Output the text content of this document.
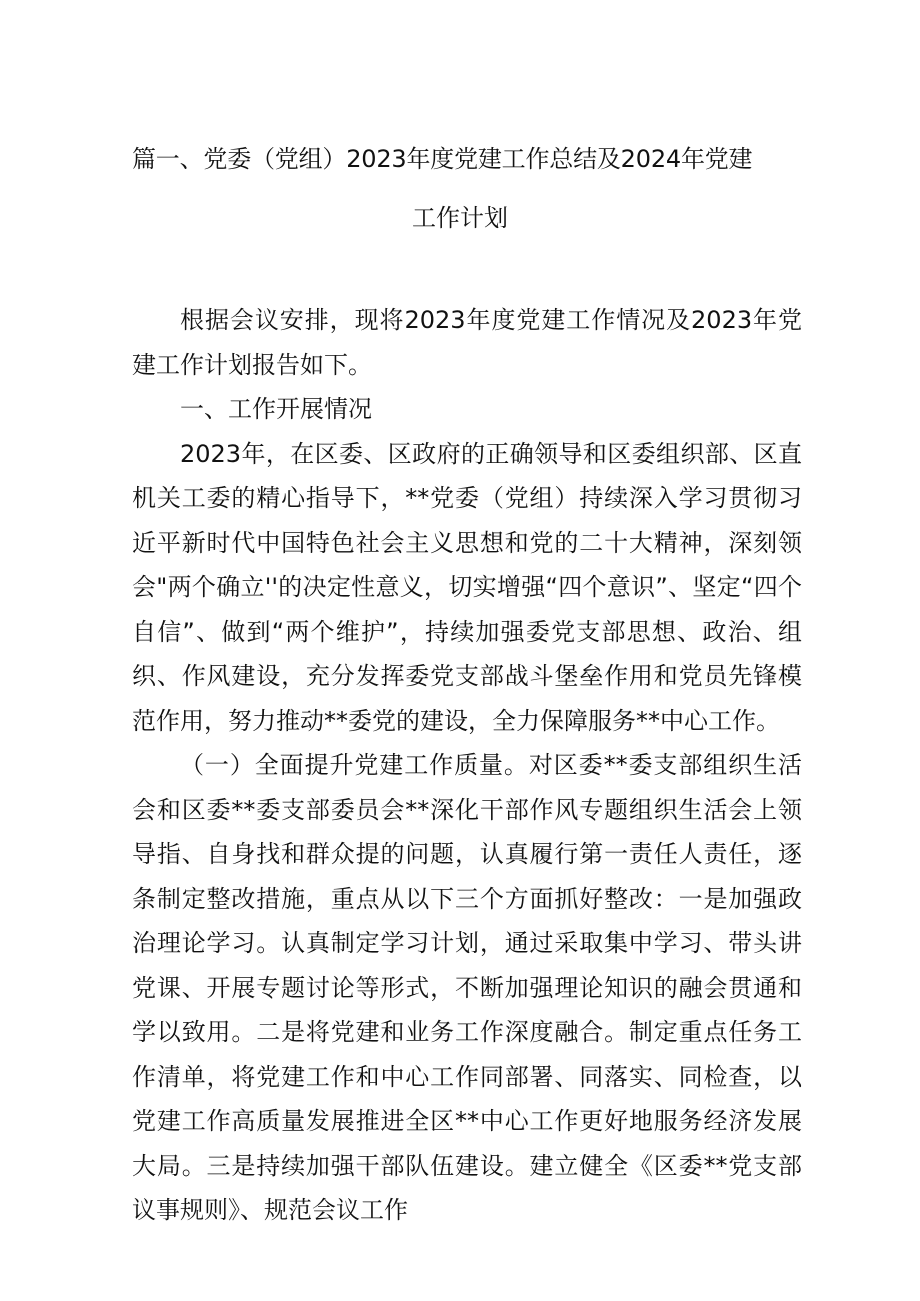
篇一、党委（党组）2023年度党建工作总结及2024年党建
工作计划

根据会议安排，现将2023年度党建工作情况及2023年党建工作计划报告如下。

一、工作开展情况

2023年，在区委、区政府的正确领导和区委组织部、区直机关工委的精心指导下，**党委（党组）持续深入学习贯彻习近平新时代中国特色社会主义思想和党的二十大精神，深刻领会"两个确立''的决定性意义，切实增强“四个意识”、坚定“四个自信”、做到“两个维护”，持续加强委党支部思想、政治、组织、作风建设，充分发挥委党支部战斗堡垒作用和党员先锋模范作用，努力推动**委党的建设，全力保障服务**中心工作。

（一）全面提升党建工作质量。对区委**委支部组织生活会和区委**委支部委员会**深化干部作风专题组织生活会上领导指、自身找和群众提的问题，认真履行第一责任人责任，逐条制定整改措施，重点从以下三个方面抓好整改：一是加强政治理论学习。认真制定学习计划，通过采取集中学习、带头讲党课、开展专题讨论等形式，不断加强理论知识的融会贯通和学以致用。二是将党建和业务工作深度融合。制定重点任务工作清单，将党建工作和中心工作同部署、同落实、同检查，以党建工作高质量发展推进全区**中心工作更好地服务经济发展大局。三是持续加强干部队伍建设。建立健全《区委**党支部议事规则》、规范会议工作
